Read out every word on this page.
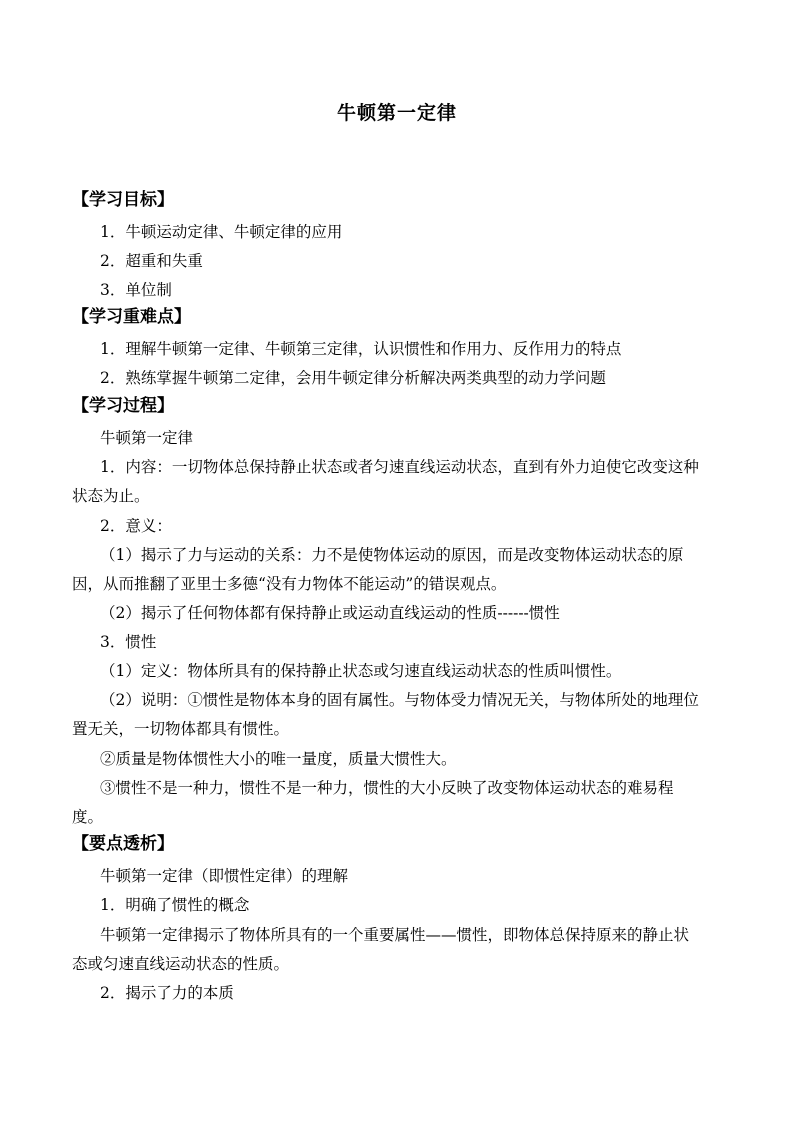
牛顿第一定律
【学习目标】
1．牛顿运动定律、牛顿定律的应用
2．超重和失重
3．单位制
【学习重难点】
1．理解牛顿第一定律、牛顿第三定律，认识惯性和作用力、反作用力的特点
2．熟练掌握牛顿第二定律，会用牛顿定律分析解决两类典型的动力学问题
【学习过程】
牛顿第一定律
1．内容：一切物体总保持静止状态或者匀速直线运动状态，直到有外力迫使它改变这种
状态为止。
2．意义：
（1）揭示了力与运动的关系：力不是使物体运动的原因，而是改变物体运动状态的原
因，从而推翻了亚里士多德“没有力物体不能运动”的错误观点。
（2）揭示了任何物体都有保持静止或运动直线运动的性质------惯性
3．惯性
（1）定义：物体所具有的保持静止状态或匀速直线运动状态的性质叫惯性。
（2）说明：①惯性是物体本身的固有属性。与物体受力情况无关，与物体所处的地理位
置无关，一切物体都具有惯性。
②质量是物体惯性大小的唯一量度，质量大惯性大。
③惯性不是一种力，惯性不是一种力，惯性的大小反映了改变物体运动状态的难易程
度。
【要点透析】
牛顿第一定律（即惯性定律）的理解
1．明确了惯性的概念
牛顿第一定律揭示了物体所具有的一个重要属性——惯性，即物体总保持原来的静止状
态或匀速直线运动状态的性质。
2．揭示了力的本质
